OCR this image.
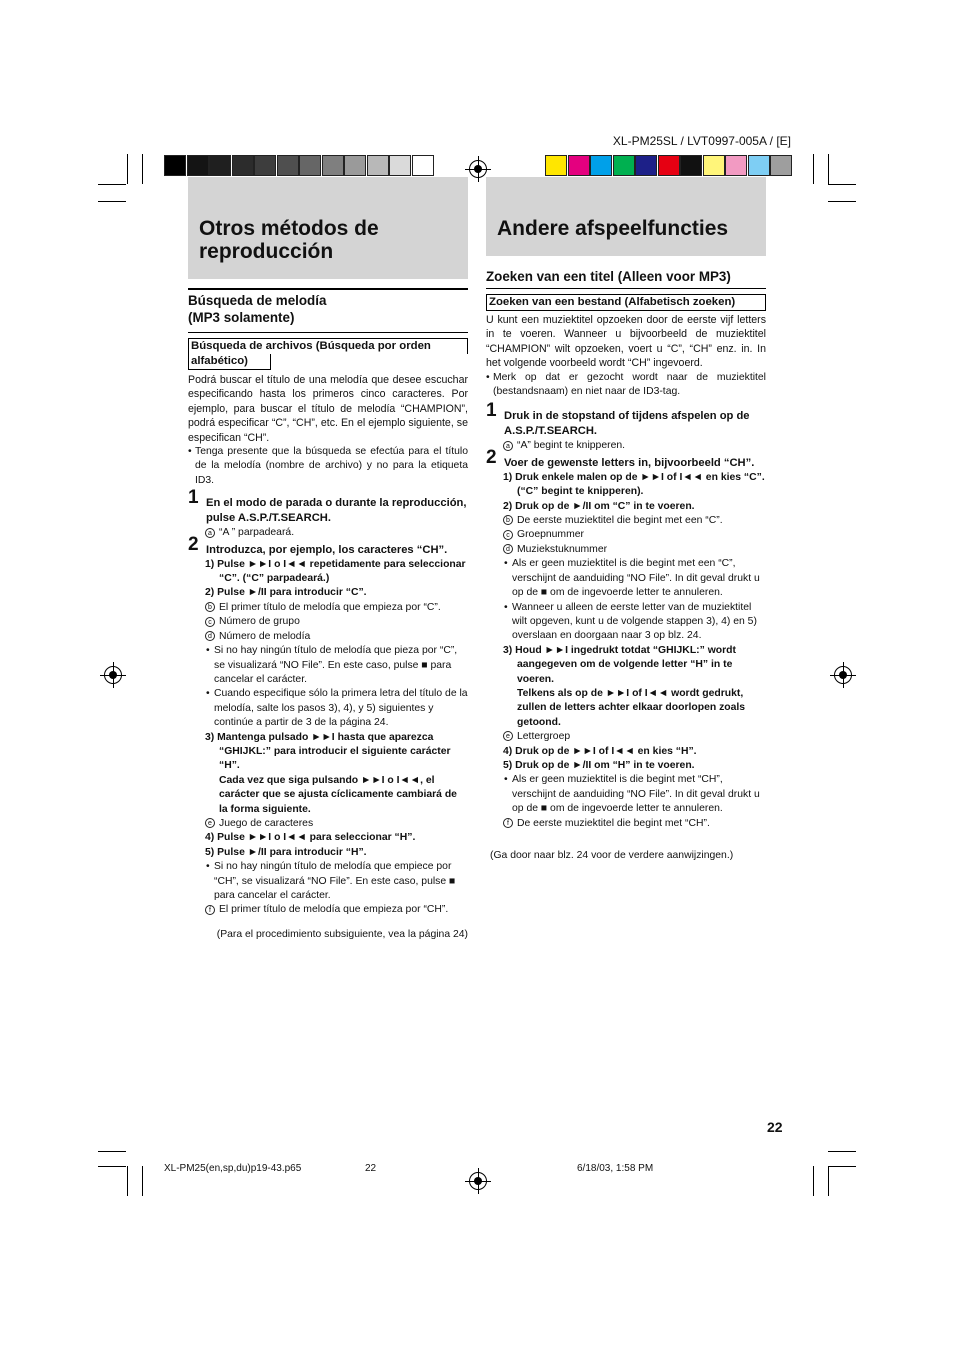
XL-PM25SL / LVT0997-005A / [E]
Otros métodos de
reproducción
Andere afspeelfuncties
Búsqueda de melodía
(MP3 solamente)
Búsqueda de archivos (Búsqueda por orden
alfabético)

Podrá buscar el título de una melodía que desee escuchar especificando hasta los primeros cinco caracteres. Por ejemplo, para buscar el título de melodía “CHAMPION”, podrá especificar “C”, “CH”, etc. En el ejemplo siguiente, se especifican “CH”.

• Tenga presente que la búsqueda se efectúa para el título de la melodía (nombre de archivo) y no para la etiqueta ID3.
1 En el modo de parada o durante la reproducción, pulse A.S.P./T.SEARCH.
a “A ” parpadeará.
2 Introduzca, por ejemplo, los caracteres “CH”.
1) Pulse ►►I o I◄◄ repetidamente para seleccionar “C”. (“C” parpadeará.)
2) Pulse ►/II para introducir “C”.
b El primer título de melodía que empieza por “C”.
c Número de grupo
d Número de melodía
• Si no hay ningún título de melodía que pieza por “C”, se visualizará “NO File”. En este caso, pulse ■ para cancelar el carácter.
• Cuando especifique sólo la primera letra del título de la melodía, salte los pasos 3), 4), y 5) siguientes y continúe a partir de 3 de la página 24.
3) Mantenga pulsado ►►I hasta que aparezca “GHIJKL:” para introducir el siguiente carácter “H”.
Cada vez que siga pulsando ►►I o I◄◄, el carácter que se ajusta cíclicamente cambiará de la forma siguiente.
e Juego de caracteres
4) Pulse ►►I o I◄◄ para seleccionar “H”.
5) Pulse ►/II para introducir “H”.
• Si no hay ningún título de melodía que empiece por “CH”, se visualizará “NO File”. En este caso, pulse ■ para cancelar el carácter.
f El primer título de melodía que empieza por “CH”.
(Para el procedimiento subsiguiente, vea la página 24)
Zoeken van een titel (Alleen voor MP3)
Zoeken van een bestand (Alfabetisch zoeken)

U kunt een muziektitel opzoeken door de eerste vijf letters in te voeren. Wanneer u bijvoorbeeld de muziektitel “CHAMPION” wilt opzoeken, voert u “C”, “CH” enz. in. In het volgende voorbeeld wordt “CH” ingevoerd.

• Merk op dat er gezocht wordt naar de muziektitel (bestandsnaam) en niet naar de ID3-tag.
1 Druk in de stopstand of tijdens afspelen op de A.S.P./T.SEARCH.
a “A” begint te knipperen.
2 Voer de gewenste letters in, bijvoorbeeld “CH”.
1) Druk enkele malen op de ►►I of I◄◄ en kies “C”. (“C” begint te knipperen).
2) Druk op de ►/II om “C” in te voeren.
b De eerste muziektitel die begint met een “C”.
c Groepnummer
d Muziekstuknummer
• Als er geen muziektitel is die begint met een “C”, verschijnt de aanduiding “NO File”. In dit geval drukt u op de ■ om de ingevoerde letter te annuleren.
• Wanneer u alleen de eerste letter van de muziektitel wilt opgeven, kunt u de volgende stappen 3), 4) en 5) overslaan en doorgaan naar 3 op blz. 24.
3) Houd ►►I ingedrukt totdat “GHIJKL:” wordt aangegeven om de volgende letter “H” in te voeren.
Telkens als op de ►►I of I◄◄ wordt gedrukt, zullen de letters achter elkaar doorlopen zoals getoond.
e Lettergroep
4) Druk op de ►►I of I◄◄ en kies “H”.
5) Druk op de ►/II om “H” in te voeren.
• Als er geen muziektitel is die begint met “CH”, verschijnt de aanduiding “NO File”. In dit geval drukt u op de ■ om de ingevoerde letter te annuleren.
f De eerste muziektitel die begint met “CH”.
(Ga door naar blz. 24 voor de verdere aanwijzingen.)
22
XL-PM25(en,sp,du)p19-43.p65	22	6/18/03, 1:58 PM
